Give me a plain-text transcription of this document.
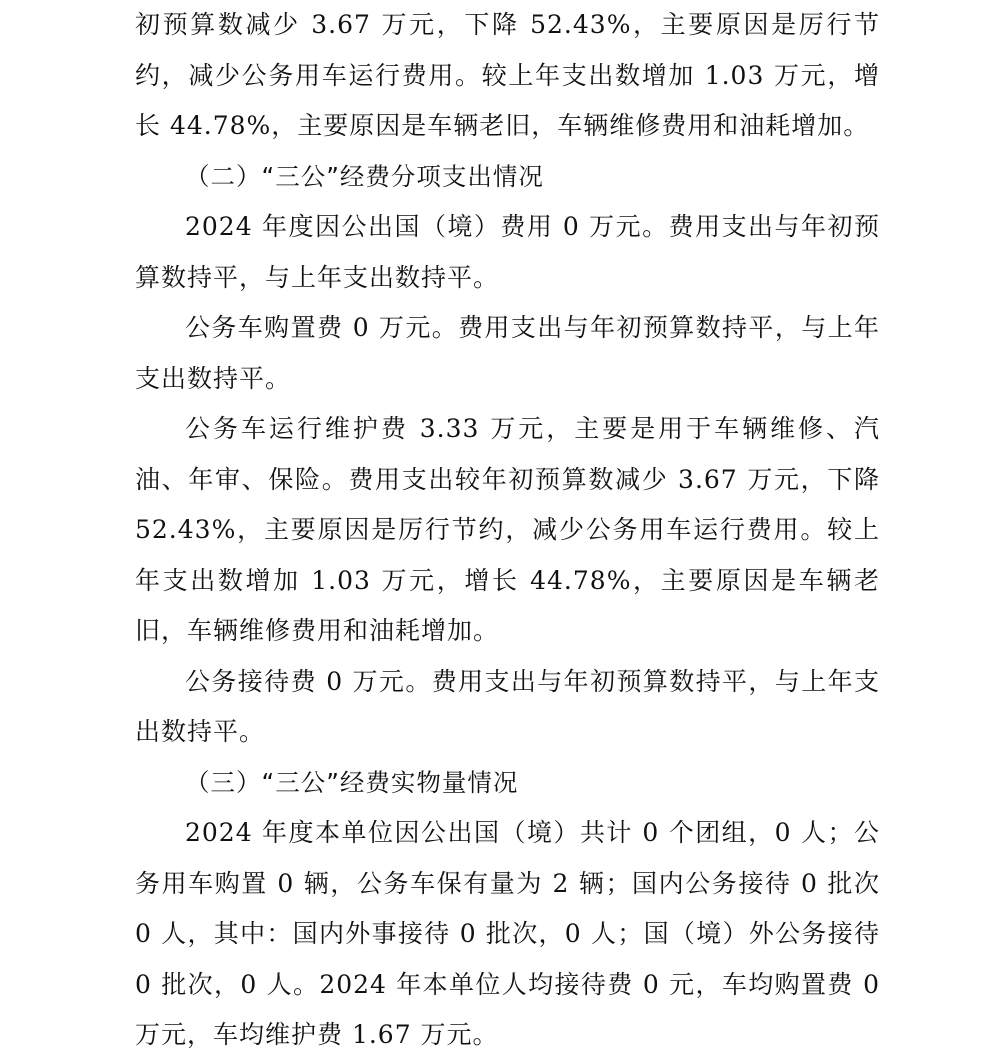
初预算数减少 3.67 万元，下降 52.43%，主要原因是厉行节约，减少公务用车运行费用。较上年支出数增加 1.03 万元，增长 44.78%，主要原因是车辆老旧，车辆维修费用和油耗增加。

（二）“三公”经费分项支出情况

2024 年度因公出国（境）费用 0 万元。费用支出与年初预算数持平，与上年支出数持平。

公务车购置费 0 万元。费用支出与年初预算数持平，与上年支出数持平。

公务车运行维护费 3.33 万元，主要是用于车辆维修、汽油、年审、保险。费用支出较年初预算数减少 3.67 万元，下降 52.43%，主要原因是厉行节约，减少公务用车运行费用。较上年支出数增加 1.03 万元，增长 44.78%，主要原因是车辆老旧，车辆维修费用和油耗增加。

公务接待费 0 万元。费用支出与年初预算数持平，与上年支出数持平。

（三）“三公”经费实物量情况

2024 年度本单位因公出国（境）共计 0 个团组，0 人；公务用车购置 0 辆，公务车保有量为 2 辆；国内公务接待 0 批次 0 人，其中：国内外事接待 0 批次，0 人；国（境）外公务接待 0 批次，0 人。2024 年本单位人均接待费 0 元，车均购置费 0 万元，车均维护费 1.67 万元。
